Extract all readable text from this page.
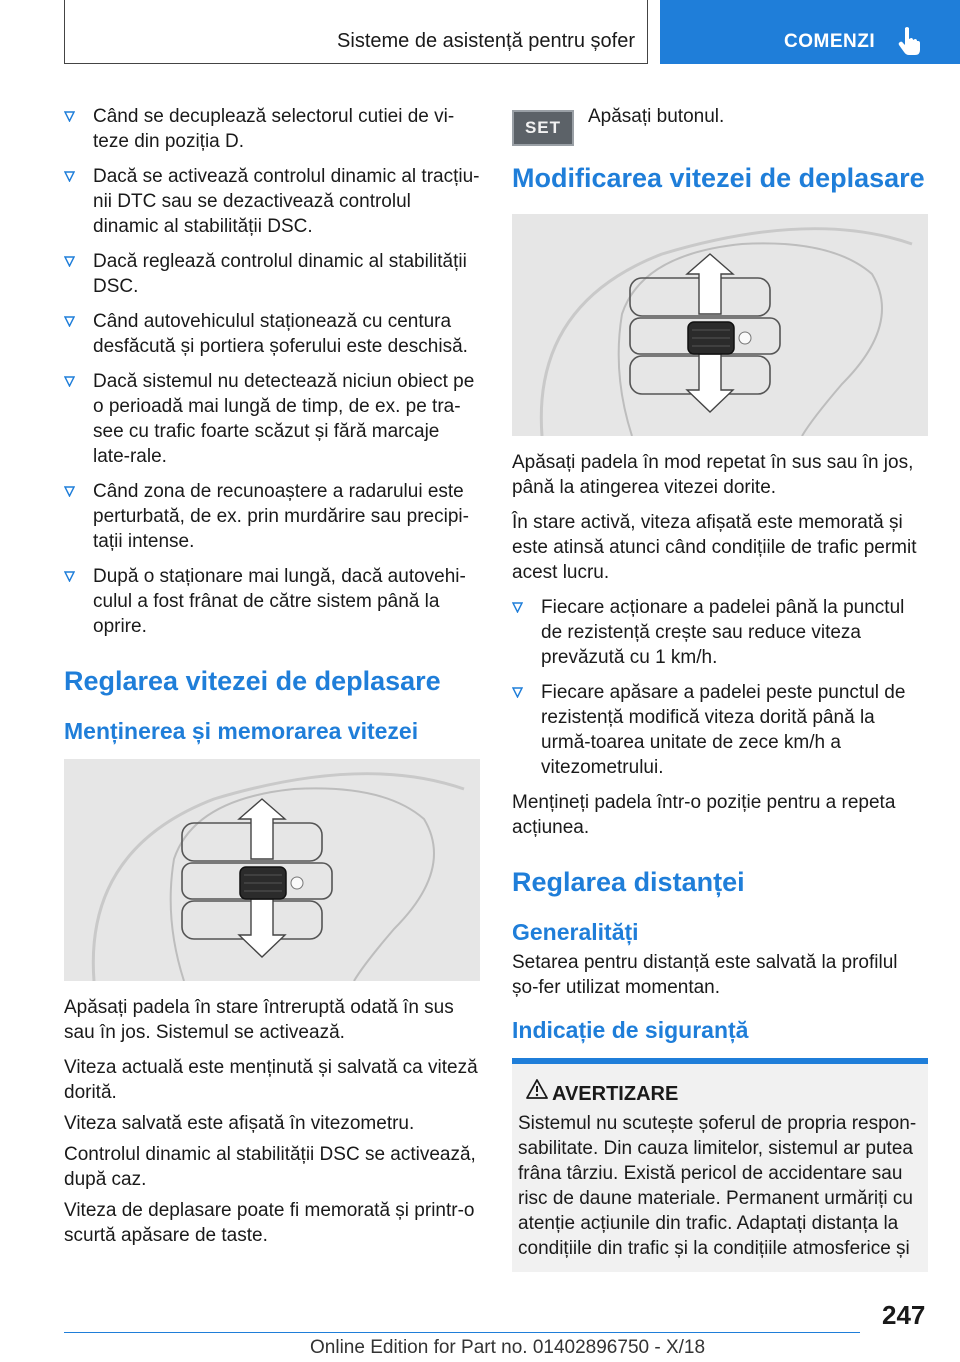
Sisteme de asistență pentru șofer	COMENZI
Când se decuplează selectorul cutiei de vi-teze din poziția D.
Dacă se activează controlul dinamic al tracțiu-nii DTC sau se dezactivează controlul dinamic al stabilității DSC.
Dacă reglează controlul dinamic al stabilității DSC.
Când autovehiculul staționează cu centura desfăcută și portiera șoferului este deschisă.
Dacă sistemul nu detectează niciun obiect pe o perioadă mai lungă de timp, de ex. pe tra-see cu trafic foarte scăzut și fără marcaje late-rale.
Când zona de recunoaștere a radarului este perturbată, de ex. prin murdărire sau precipi-tații intense.
După o staționare mai lungă, dacă autovehi-culul a fost frânat de către sistem până la oprire.
Reglarea vitezei de deplasare
Menținerea și memorarea vitezei

Apăsați padela în stare întreruptă odată în sus sau în jos. Sistemul se activează.

Viteza actuală este menținută și salvată ca viteză dorită.

Viteza salvată este afișată în vitezometru.

Controlul dinamic al stabilității DSC se activează, după caz.

Viteza de deplasare poate fi memorată și printr-o scurtă apăsare de taste.

SET
Apăsați butonul.
Modificarea vitezei de deplasare

Apăsați padela în mod repetat în sus sau în jos, până la atingerea vitezei dorite.

În stare activă, viteza afișată este memorată și este atinsă atunci când condițiile de trafic permit acest lucru.

Fiecare acționare a padelei până la punctul de rezistență crește sau reduce viteza prevăzută cu 1 km/h.
Fiecare apăsare a padelei peste punctul de rezistență modifică viteza dorită până la urmă-toarea unitate de zece km/h a vitezometrului.

Mențineți padela într-o poziție pentru a repeta acțiunea.

Reglarea distanței
Generalități

Setarea pentru distanță este salvată la profilul șo-fer utilizat momentan.

Indicație de siguranță
AVERTIZARE
Sistemul nu scutește șoferul de propria respon-sabilitate. Din cauza limitelor, sistemul ar putea frâna târziu. Există pericol de accidentare sau risc de daune materiale. Permanent urmăriți cu atenție acțiunile din trafic. Adaptați distanța la condițiile din trafic și la condițiile atmosferice și
247
Online Edition for Part no. 01402896750 - X/18
